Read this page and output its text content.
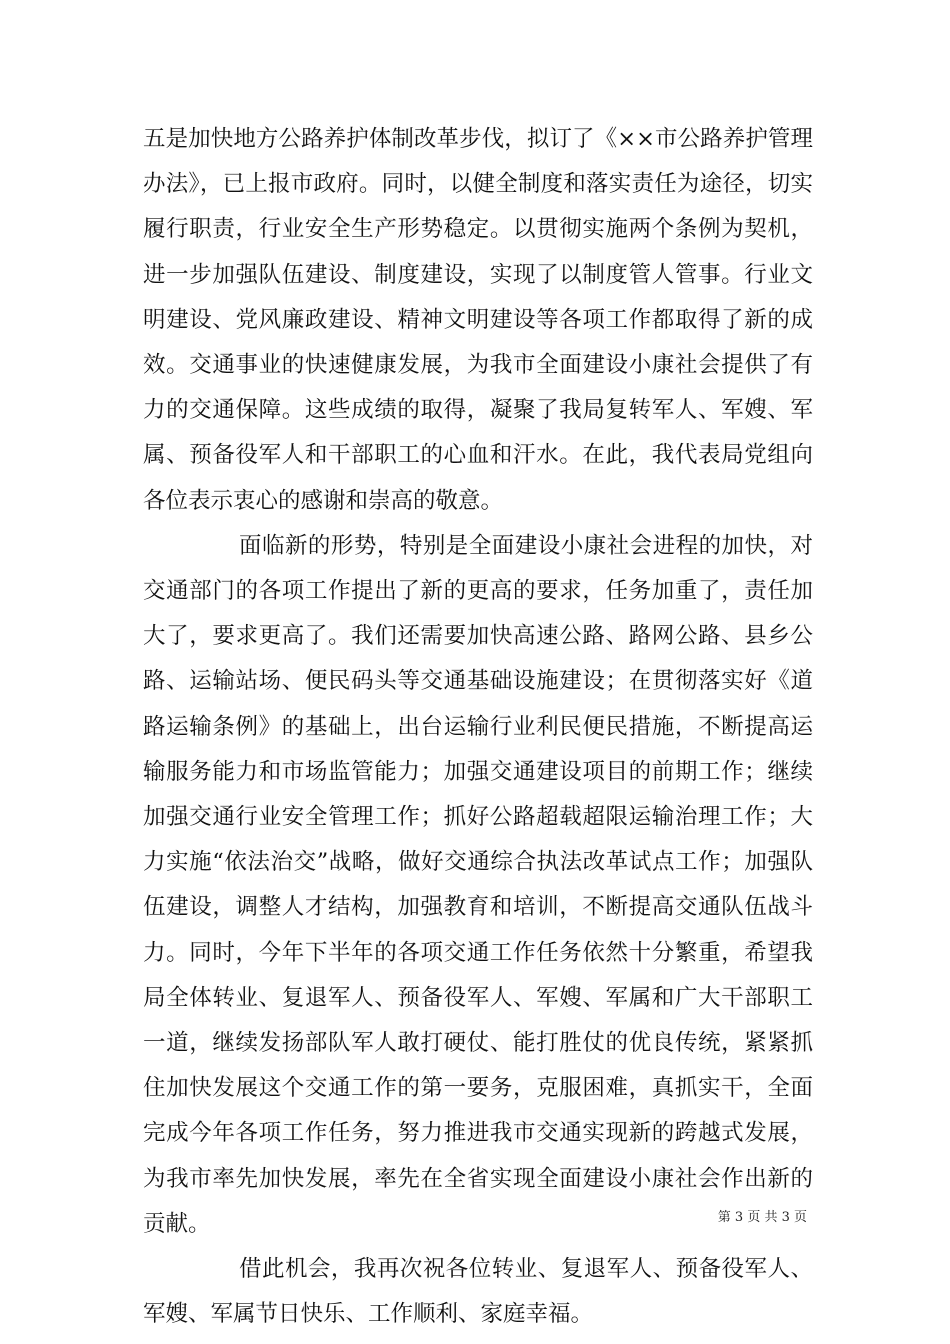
五是加快地方公路养护体制改革步伐，拟订了《××市公路养护管理办法》，已上报市政府。同时，以健全制度和落实责任为途径，切实履行职责，行业安全生产形势稳定。以贯彻实施两个条例为契机，进一步加强队伍建设、制度建设，实现了以制度管人管事。行业文明建设、党风廉政建设、精神文明建设等各项工作都取得了新的成效。交通事业的快速健康发展，为我市全面建设小康社会提供了有力的交通保障。这些成绩的取得，凝聚了我局复转军人、军嫂、军属、预备役军人和干部职工的心血和汗水。在此，我代表局党组向各位表示衷心的感谢和崇高的敬意。

面临新的形势，特别是全面建设小康社会进程的加快，对交通部门的各项工作提出了新的更高的要求，任务加重了，责任加大了，要求更高了。我们还需要加快高速公路、路网公路、县乡公路、运输站场、便民码头等交通基础设施建设；在贯彻落实好《道路运输条例》的基础上，出台运输行业利民便民措施，不断提高运输服务能力和市场监管能力；加强交通建设项目的前期工作；继续加强交通行业安全管理工作；抓好公路超载超限运输治理工作；大力实施“依法治交”战略，做好交通综合执法改革试点工作；加强队伍建设，调整人才结构，加强教育和培训，不断提高交通队伍战斗力。同时，今年下半年的各项交通工作任务依然十分繁重，希望我局全体转业、复退军人、预备役军人、军嫂、军属和广大干部职工一道，继续发扬部队军人敢打硬仗、能打胜仗的优良传统，紧紧抓住加快发展这个交通工作的第一要务，克服困难，真抓实干，全面完成今年各项工作任务，努力推进我市交通实现新的跨越式发展，为我市率先加快发展，率先在全省实现全面建设小康社会作出新的贡献。

借此机会，我再次祝各位转业、复退军人、预备役军人、军嫂、军属节日快乐、工作顺利、家庭幸福。

第 3 页 共 3 页
